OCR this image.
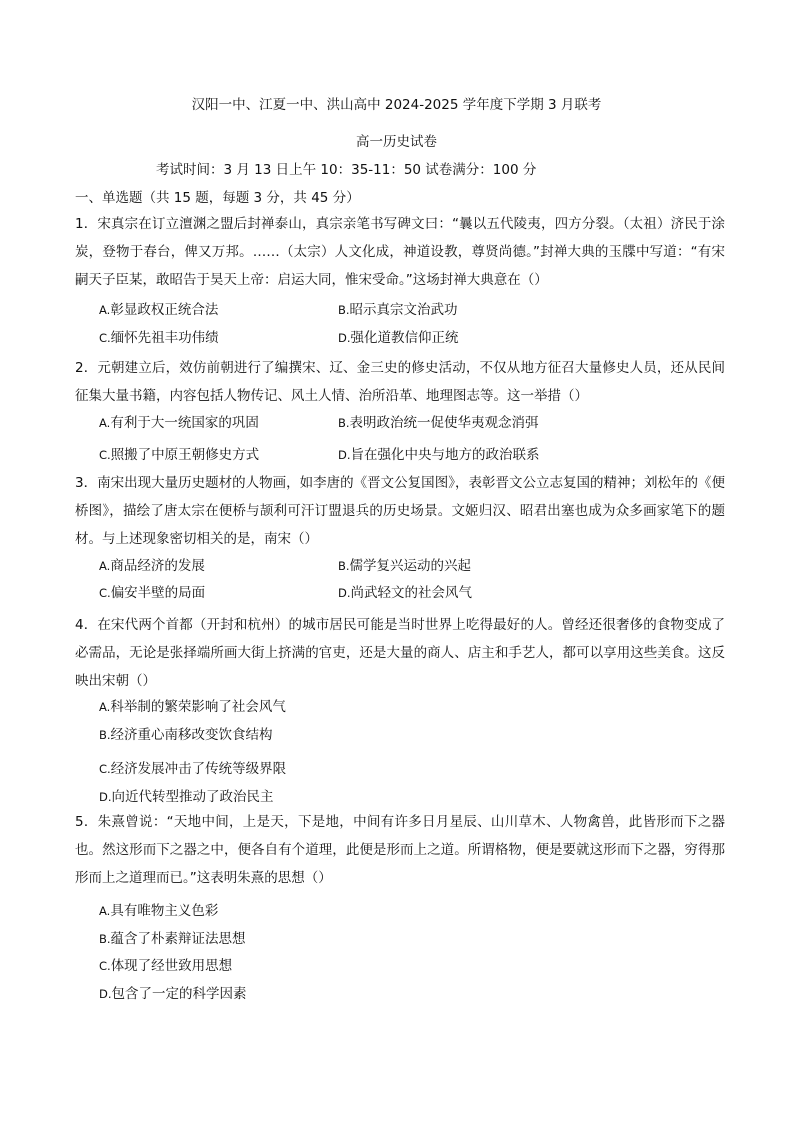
汉阳一中、江夏一中、洪山高中 2024-2025 学年度下学期 3 月联考
高一历史试卷
考试时间：3 月 13 日上午 10：35-11：50 试卷满分：100 分
一、单选题（共 15 题，每题 3 分，共 45 分）
1．宋真宗在订立澶渊之盟后封禅泰山，真宗亲笔书写碑文曰：“曩以五代陵夷，四方分裂。（太祖）济民于涂炭，登物于春台，俾又万邦。……（太宗）人文化成，神道设教，尊贤尚德。”封禅大典的玉牒中写道：“有宋嗣天子臣某，敢昭告于昊天上帝：启运大同，惟宋受命。”这场封禅大典意在（）
A.彰显政权正统合法	B.昭示真宗文治武功
C.缅怀先祖丰功伟绩	D.强化道教信仰正统
2．元朝建立后，效仿前朝进行了编撰宋、辽、金三史的修史活动，不仅从地方征召大量修史人员，还从民间征集大量书籍，内容包括人物传记、风土人情、治所沿革、地理图志等。这一举措（）
A.有利于大一统国家的巩固	B.表明政治统一促使华夷观念消弭
C.照搬了中原王朝修史方式	D.旨在强化中央与地方的政治联系
3．南宋出现大量历史题材的人物画，如李唐的《晋文公复国图》，表彰晋文公立志复国的精神；刘松年的《便桥图》，描绘了唐太宗在便桥与颉利可汗订盟退兵的历史场景。文姬归汉、昭君出塞也成为众多画家笔下的题材。与上述现象密切相关的是，南宋（）
A.商品经济的发展	B.儒学复兴运动的兴起
C.偏安半壁的局面	D.尚武轻文的社会风气
4．在宋代两个首都（开封和杭州）的城市居民可能是当时世界上吃得最好的人。曾经还很奢侈的食物变成了必需品，无论是张择端所画大街上挤满的官吏，还是大量的商人、店主和手艺人，都可以享用这些美食。这反映出宋朝（）
A.科举制的繁荣影响了社会风气
B.经济重心南移改变饮食结构
C.经济发展冲击了传统等级界限
D.向近代转型推动了政治民主
5．朱熹曾说：“天地中间，上是天，下是地，中间有许多日月星辰、山川草木、人物禽兽，此皆形而下之器也。然这形而下之器之中，便各自有个道理，此便是形而上之道。所谓格物，便是要就这形而下之器，穷得那形而上之道理而已。”这表明朱熹的思想（）
A.具有唯物主义色彩
B.蕴含了朴素辩证法思想
C.体现了经世致用思想
D.包含了一定的科学因素
